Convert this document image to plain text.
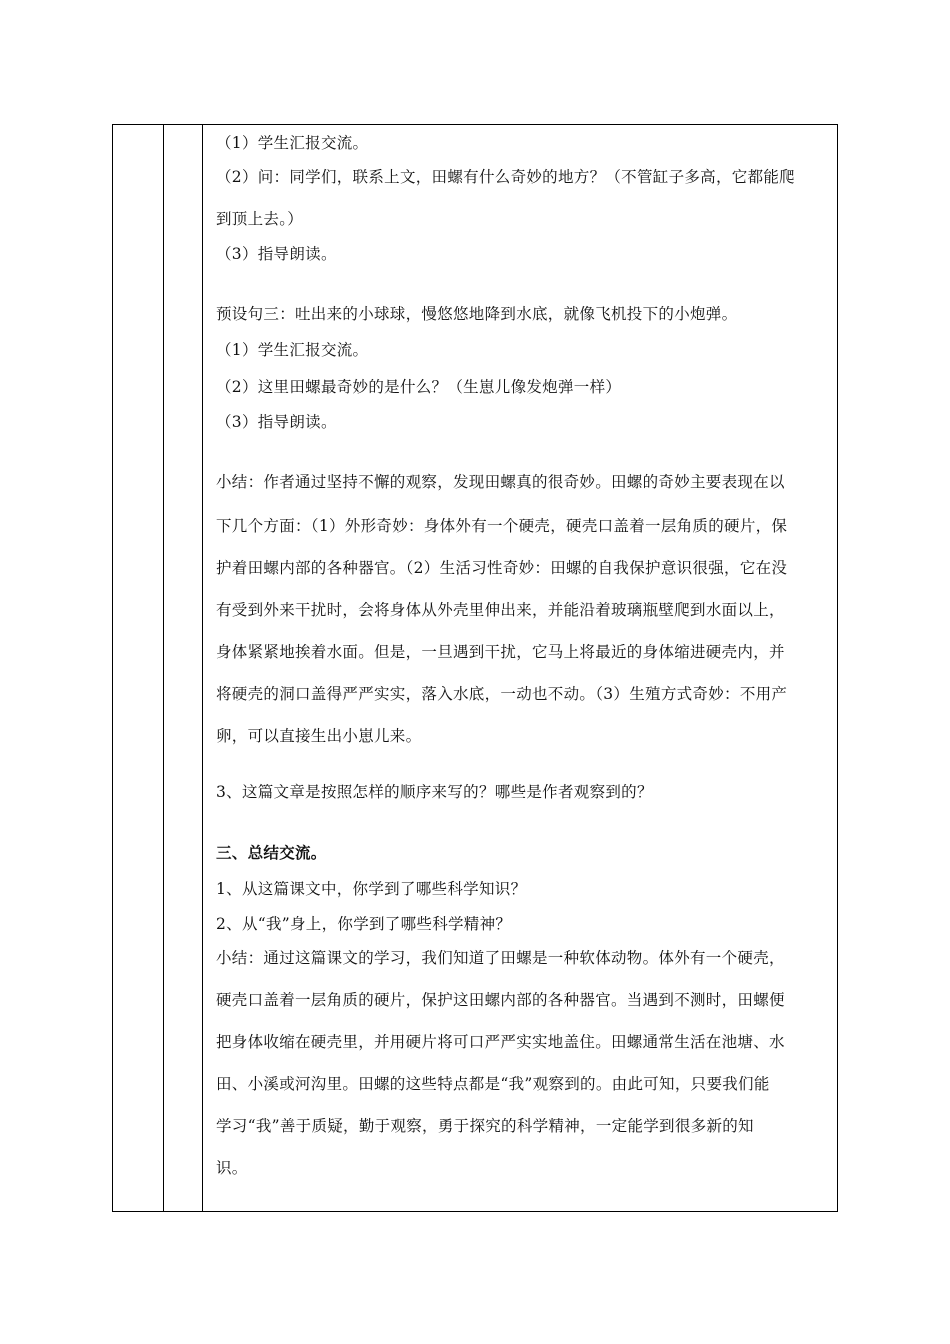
（1）学生汇报交流。
（2）问：同学们，联系上文，田螺有什么奇妙的地方？（不管缸子多高，它都能爬
到顶上去。）
（3）指导朗读。
预设句三：吐出来的小球球，慢悠悠地降到水底，就像飞机投下的小炮弹。
（1）学生汇报交流。
（2）这里田螺最奇妙的是什么？（生崽儿像发炮弹一样）
（3）指导朗读。
小结：作者通过坚持不懈的观察，发现田螺真的很奇妙。田螺的奇妙主要表现在以
下几个方面：（1）外形奇妙：身体外有一个硬壳，硬壳口盖着一层角质的硬片，保
护着田螺内部的各种器官。（2）生活习性奇妙：田螺的自我保护意识很强，它在没
有受到外来干扰时，会将身体从外壳里伸出来，并能沿着玻璃瓶壁爬到水面以上，
身体紧紧地挨着水面。但是，一旦遇到干扰，它马上将最近的身体缩进硬壳内，并
将硬壳的洞口盖得严严实实，落入水底，一动也不动。（3）生殖方式奇妙：不用产
卵，可以直接生出小崽儿来。
3、这篇文章是按照怎样的顺序来写的？哪些是作者观察到的？
三、总结交流。
1、从这篇课文中，你学到了哪些科学知识？
2、从“我”身上，你学到了哪些科学精神？
小结：通过这篇课文的学习，我们知道了田螺是一种软体动物。体外有一个硬壳，
硬壳口盖着一层角质的硬片，保护这田螺内部的各种器官。当遇到不测时，田螺便
把身体收缩在硬壳里，并用硬片将可口严严实实地盖住。田螺通常生活在池塘、水
田、小溪或河沟里。田螺的这些特点都是“我”观察到的。由此可知，只要我们能
学习“我”善于质疑，勤于观察，勇于探究的科学精神，一定能学到很多新的知
识。
